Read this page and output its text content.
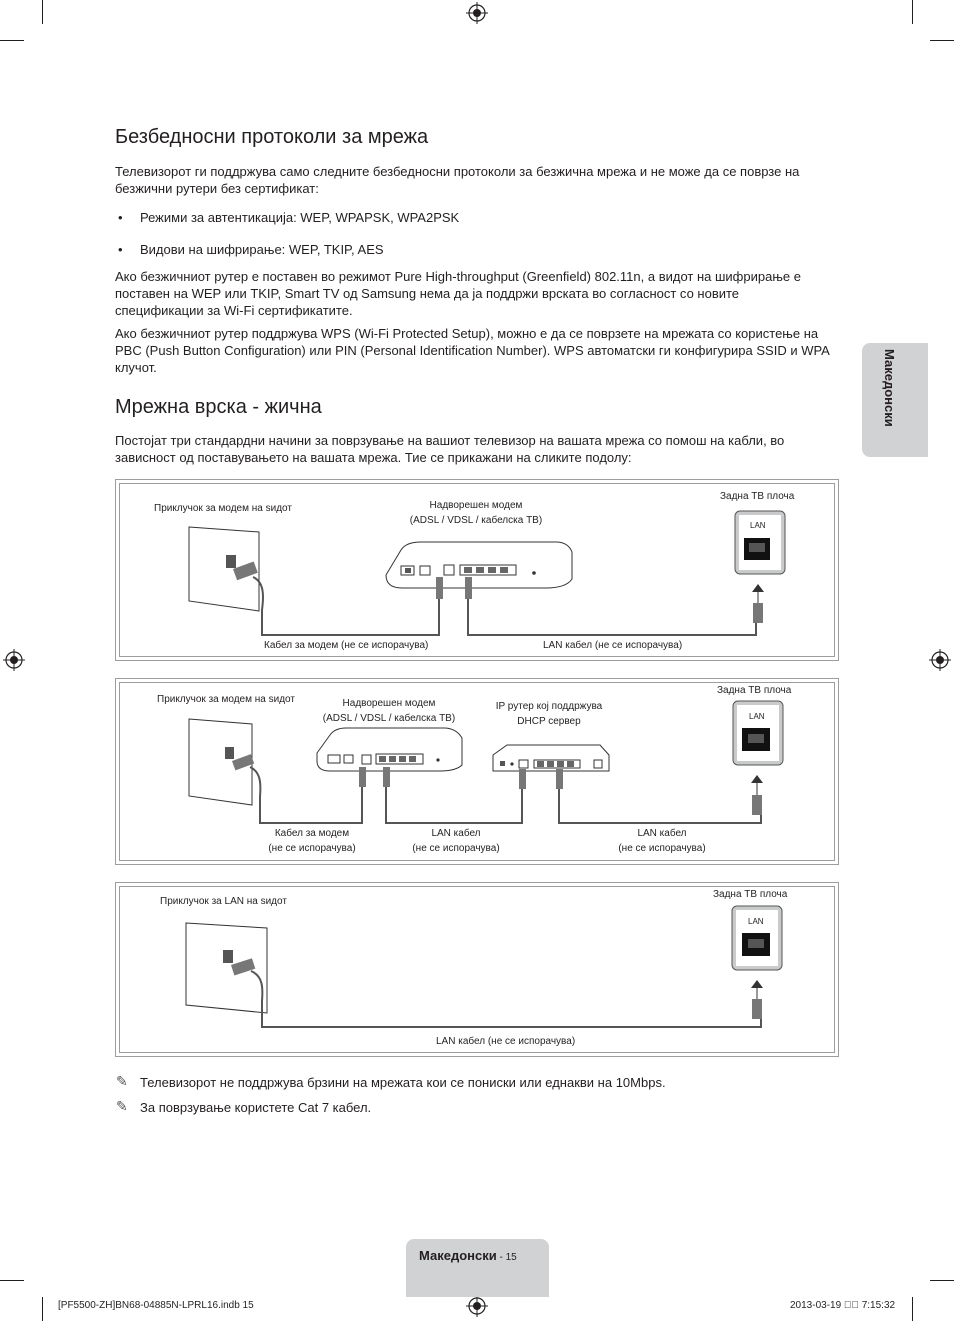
Безбедносни протоколи за мрежа

Телевизорот ги поддржува само следните безбедносни протоколи за безжична мрежа и не може да се поврзе на безжични рутери без сертификат:

• Режими за автентикација: WEP, WPAPSK, WPA2PSK
• Видови на шифрирање: WEP, TKIP, AES

Ако безжичниот рутер е поставен во режимот Pure High-throughput (Greenfield) 802.11n, а видот на шифрирање е поставен на WEP или TKIP, Smart TV од Samsung нема да ја поддржи врската во согласност со новите спецификации за Wi-Fi сертификатите.

Ако безжичниот рутер поддржува WPS (Wi-Fi Protected Setup), можно е да се поврзете на мрежата со користење на PBC (Push Button Configuration) или PIN (Personal Identification Number). WPS автоматски ги конфигурира SSID и WPA клучот.

Мрежна врска - жична

Постојат три стандардни начини за поврзување на вашиот телевизор на вашата мрежа со помош на кабли, во зависност од поставувањето на вашата мрежа. Тие се прикажани на сликите подолу:

LAN
Приклучок за модем на ѕидот	Надворешен модем
(ADSL / VDSL / кабелска ТВ)
Задна ТВ плоча
Кабел за модем (не се испорачува)	LAN кабел (не се испорачува)
LAN
Приклучок за модем на ѕидот	Надворешен модем
(ADSL / VDSL / кабелска ТВ)
IP рутер кој поддржува
DHCP сервер
Задна ТВ плоча
Кабел за модем
(не се испорачува)
LAN кабел
(не се испорачува)
LAN кабел
(не се испорачува)
LAN
Приклучок за LAN на ѕидот
Задна ТВ плоча
LAN кабел (не се испорачува)
✎ Телевизорот не поддржува брзини на мрежата кои се пониски или еднакви на 10Mbps.
✎ За поврзување користете Cat 7 кабел.
Македонски
Македонски - 15
[PF5500-ZH]BN68-04885N-LPRL16.indb 15	2013-03-19 ￿￿ 7:15:32
